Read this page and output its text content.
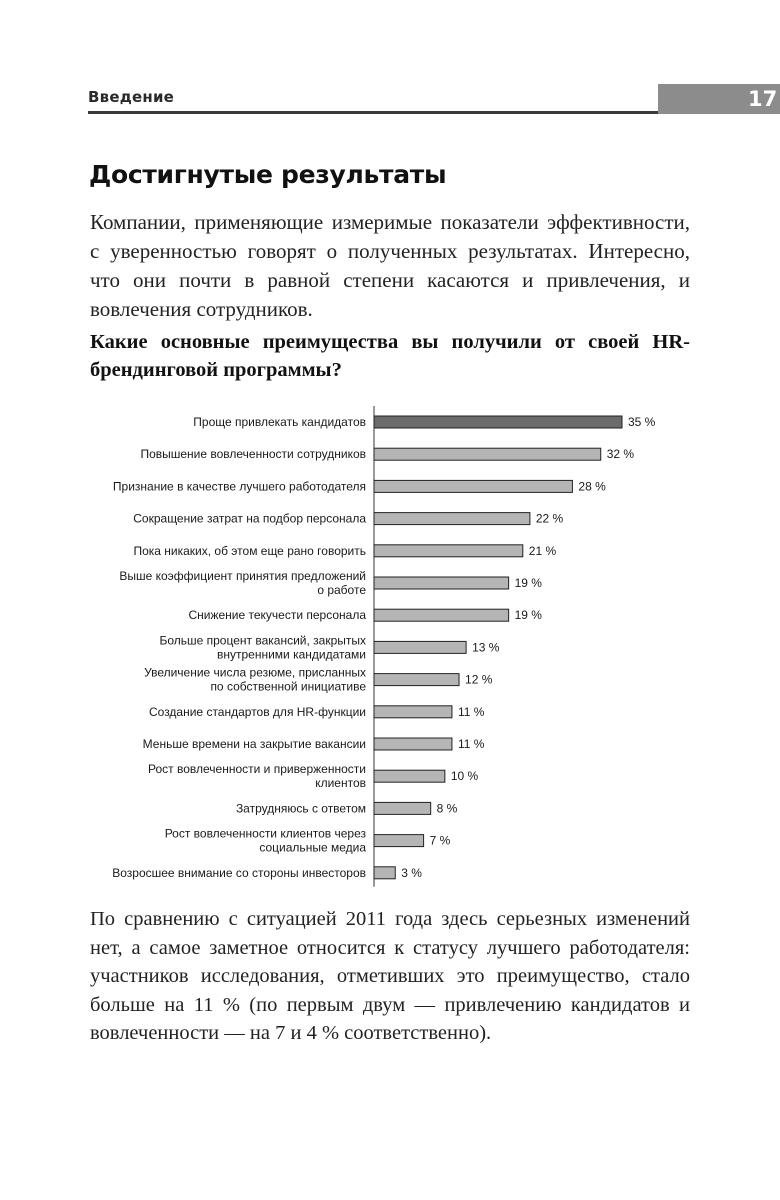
Введение	17
Достигнутые результаты

Компании, применяющие измеримые показатели эффективности, с уверенностью говорят о полученных результатах. Интересно, что они почти в равной степени касаются и привлечения, и вовлечения сотрудников.

Какие основные преимущества вы получили от своей HR-брендинговой программы?

35 %
Проще привлекать кандидатов
32 %
Повышение вовлеченности сотрудников
28 %
Признание в качестве лучшего работодателя
22 %
Сокращение затрат на подбор персонала
21 %
Пока никаких, об этом еще рано говорить
19 %
Выше коэффициент принятия предложений
о работе
19 %
Снижение текучести персонала
13 %
Больше процент вакансий, закрытых
внутренними кандидатами
12 %
Увеличение числа резюме, присланных
по собственной инициативе
11 %
Создание стандартов для HR-функции
11 %
Меньше времени на закрытие вакансии
10 %
Рост вовлеченности и приверженности
клиентов
8 %
Затрудняюсь с ответом
7 %
Рост вовлеченности клиентов через
социальные медиа
3 %
Возросшее внимание со стороны инвесторов

По сравнению с ситуацией 2011 года здесь серьезных изменений нет, а самое заметное относится к статусу лучшего работодателя: участников исследования, отметивших это преимущество, стало больше на 11 % (по первым двум — привлечению кандидатов и вовлеченности — на 7 и 4 % соответственно).
